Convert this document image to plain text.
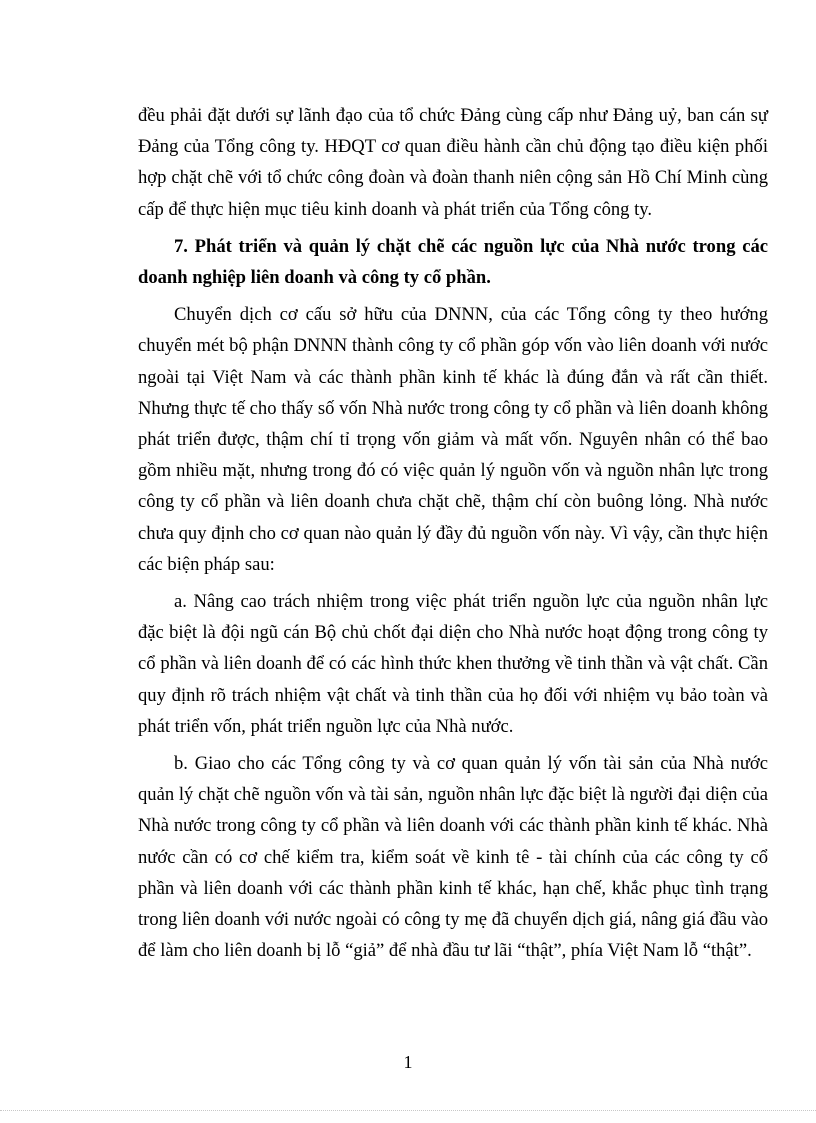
đều phải đặt dưới sự lãnh đạo của tổ chức Đảng cùng cấp như Đảng uỷ, ban cán sự Đảng của Tổng công ty. HĐQT cơ quan điều hành cần chủ động tạo điều kiện phối hợp chặt chẽ với tổ chức công đoàn và đoàn thanh niên cộng sản Hồ Chí Minh cùng cấp để thực hiện mục tiêu kinh doanh và phát triển của Tổng công ty.

7. Phát triển và quản lý chặt chẽ các nguồn lực của Nhà nước trong các doanh nghiệp liên doanh và công ty cổ phần.

Chuyển dịch cơ cấu sở hữu của DNNN, của các Tổng công ty theo hướng chuyển mét bộ phận DNNN thành công ty cổ phần góp vốn vào liên doanh với nước ngoài tại Việt Nam và các thành phần kinh tế khác là đúng đắn và rất cần thiết. Nhưng thực tế cho thấy số vốn Nhà nước trong công ty cổ phần và liên doanh không phát triển được, thậm chí tỉ trọng vốn giảm và mất vốn. Nguyên nhân có thể bao gồm nhiều mặt, nhưng trong đó có việc quản lý nguồn vốn và nguồn nhân lực trong công ty cổ phần và liên doanh chưa chặt chẽ, thậm chí còn buông lỏng. Nhà nước chưa quy định cho cơ quan nào quản lý đầy đủ nguồn vốn này. Vì vậy, cần thực hiện các biện pháp sau:

a. Nâng cao trách nhiệm trong việc phát triển nguồn lực của nguồn nhân lực đặc biệt là đội ngũ cán Bộ chủ chốt đại diện cho Nhà nước hoạt động trong công ty cổ phần và liên doanh để có các hình thức khen thưởng về tinh thần và vật chất. Cần quy định rõ trách nhiệm vật chất và tinh thần của họ đối với nhiệm vụ bảo toàn và phát triển vốn, phát triển nguồn lực của Nhà nước.

b. Giao cho các Tổng công ty và cơ quan quản lý vốn tài sản của Nhà nước quản lý chặt chẽ nguồn vốn và tài sản, nguồn nhân lực đặc biệt là người đại diện của Nhà nước trong công ty cổ phần và liên doanh với các thành phần kinh tế khác. Nhà nước cần có cơ chế kiểm tra, kiểm soát về kinh tê - tài chính của các công ty cổ phần và liên doanh với các thành phần kinh tế khác, hạn chế, khắc phục tình trạng trong liên doanh với nước ngoài có công ty mẹ đã chuyển dịch giá, nâng giá đầu vào để làm cho liên doanh bị lỗ “giả” để nhà đầu tư lãi “thật”, phía Việt Nam lỗ “thật”.

1
